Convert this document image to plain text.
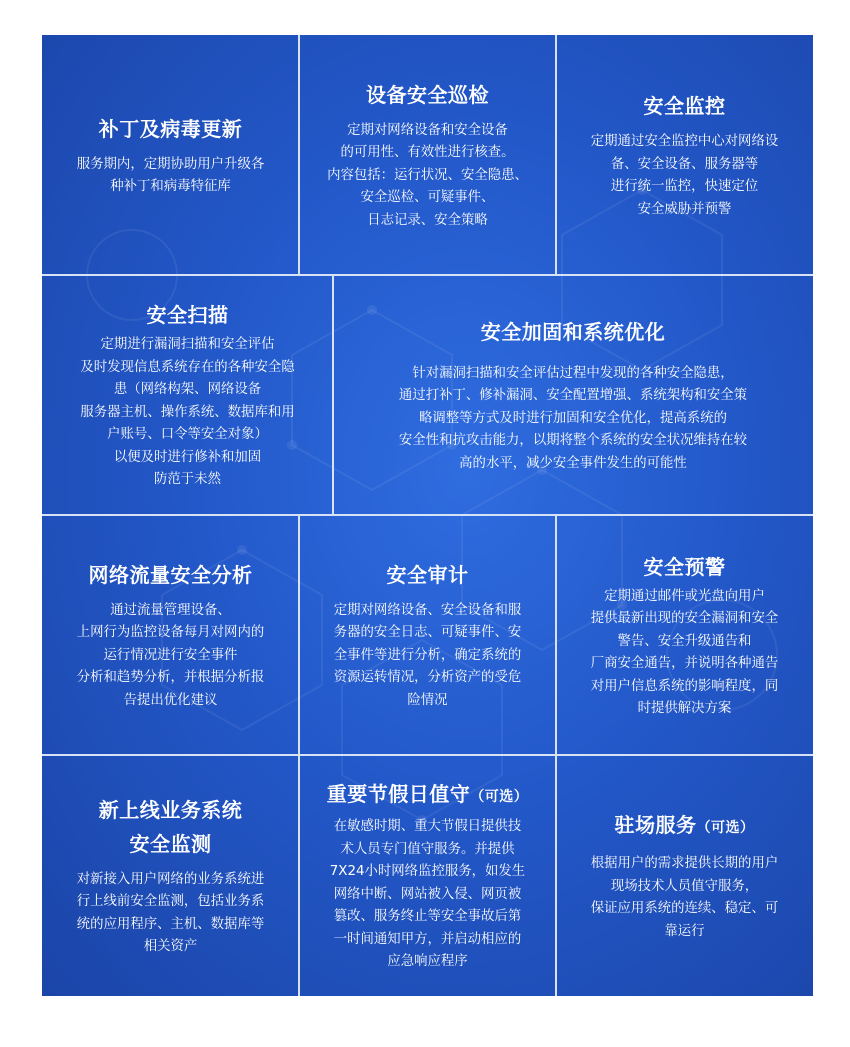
补丁及病毒更新
服务期内，定期协助用户升级各
种补丁和病毒特征库
设备安全巡检
定期对网络设备和安全设备
的可用性、有效性进行核查。
内容包括：运行状况、安全隐患、
安全巡检、可疑事件、
日志记录、安全策略
安全监控
定期通过安全监控中心对网络设
备、安全设备、服务器等
进行统一监控，快速定位
安全威胁并预警
安全扫描
定期进行漏洞扫描和安全评估
及时发现信息系统存在的各种安全隐
患（网络构架、网络设备
服务器主机、操作系统、数据库和用
户账号、口令等安全对象）
以便及时进行修补和加固
防范于未然
安全加固和系统优化
针对漏洞扫描和安全评估过程中发现的各种安全隐患，
通过打补丁、修补漏洞、安全配置增强、系统架构和安全策
略调整等方式及时进行加固和安全优化，提高系统的
安全性和抗攻击能力，以期将整个系统的安全状况维持在较
高的水平，减少安全事件发生的可能性
网络流量安全分析
通过流量管理设备、
上网行为监控设备每月对网内的
运行情况进行安全事件
分析和趋势分析，并根据分析报
告提出优化建议
安全审计
定期对网络设备、安全设备和服
务器的安全日志、可疑事件、安
全事件等进行分析，确定系统的
资源运转情况，分析资产的受危
险情况
安全预警
定期通过邮件或光盘向用户
提供最新出现的安全漏洞和安全
警告、安全升级通告和
厂商安全通告，并说明各种通告
对用户信息系统的影响程度，同
时提供解决方案
新上线业务系统
安全监测
对新接入用户网络的业务系统进
行上线前安全监测，包括业务系
统的应用程序、主机、数据库等
相关资产
重要节假日值守（可选）
在敏感时期、重大节假日提供技
术人员专门值守服务。并提供
7X24小时网络监控服务，如发生
网络中断、网站被入侵、网页被
篡改、服务终止等安全事故后第
一时间通知甲方，并启动相应的
应急响应程序
驻场服务（可选）
根据用户的需求提供长期的用户
现场技术人员值守服务，
保证应用系统的连续、稳定、可
靠运行
